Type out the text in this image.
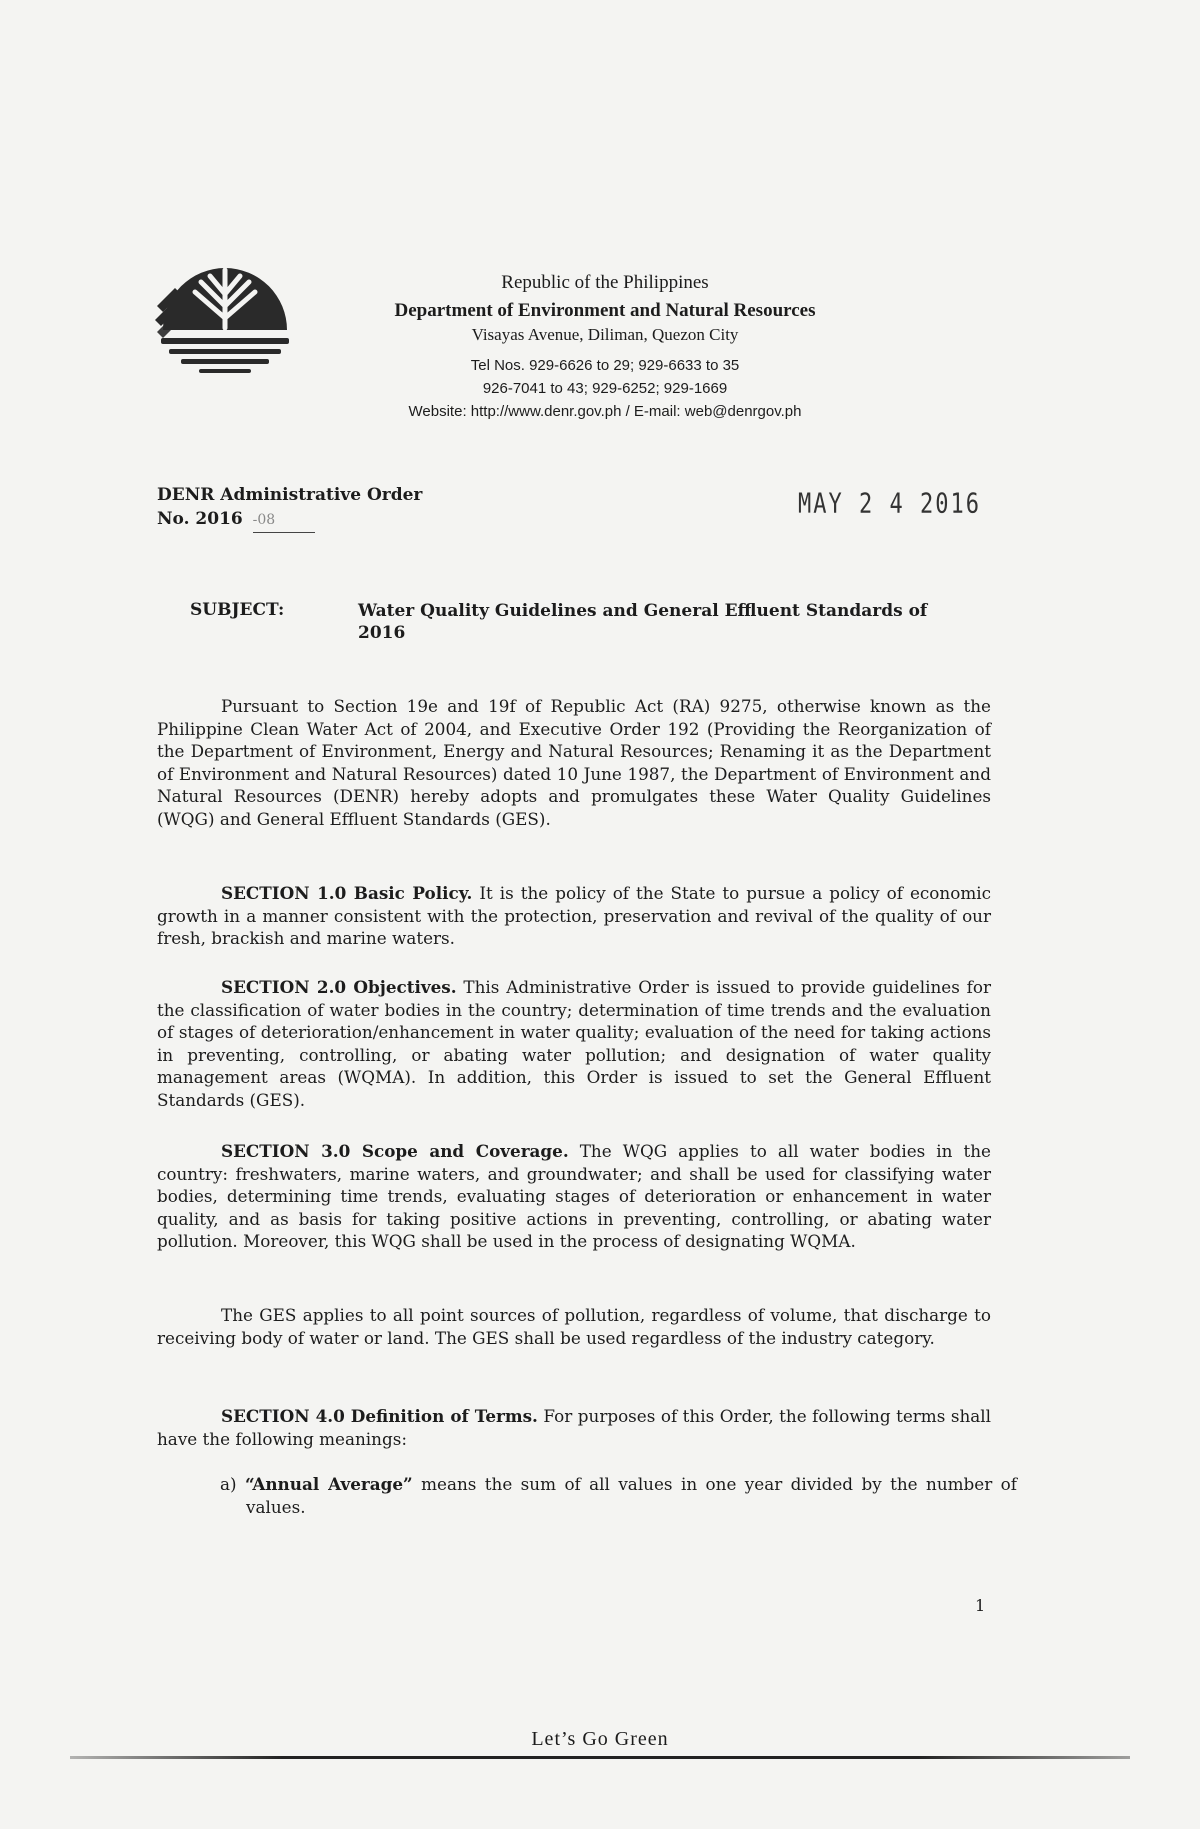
Republic of the Philippines
Department of Environment and Natural Resources
Visayas Avenue, Diliman, Quezon City
Tel Nos. 929-6626 to 29; 929-6633 to 35
926-7041 to 43; 929-6252; 929-1669
Website: http://www.denr.gov.ph / E-mail: web@denrgov.ph
DENR Administrative Order
No. 2016 -08	MAY 2 4 2016
SUBJECT:	Water Quality Guidelines and General Effluent Standards of 2016

Pursuant to Section 19e and 19f of Republic Act (RA) 9275, otherwise known as the Philippine Clean Water Act of 2004, and Executive Order 192 (Providing the Reorganization of the Department of Environment, Energy and Natural Resources; Renaming it as the Department of Environment and Natural Resources) dated 10 June 1987, the Department of Environment and Natural Resources (DENR) hereby adopts and promulgates these Water Quality Guidelines (WQG) and General Effluent Standards (GES).

SECTION 1.0 Basic Policy. It is the policy of the State to pursue a policy of economic growth in a manner consistent with the protection, preservation and revival of the quality of our fresh, brackish and marine waters.

SECTION 2.0 Objectives. This Administrative Order is issued to provide guidelines for the classification of water bodies in the country; determination of time trends and the evaluation of stages of deterioration/enhancement in water quality; evaluation of the need for taking actions in preventing, controlling, or abating water pollution; and designation of water quality management areas (WQMA). In addition, this Order is issued to set the General Effluent Standards (GES).

SECTION 3.0 Scope and Coverage. The WQG applies to all water bodies in the country: freshwaters, marine waters, and groundwater; and shall be used for classifying water bodies, determining time trends, evaluating stages of deterioration or enhancement in water quality, and as basis for taking positive actions in preventing, controlling, or abating water pollution. Moreover, this WQG shall be used in the process of designating WQMA.

The GES applies to all point sources of pollution, regardless of volume, that discharge to receiving body of water or land. The GES shall be used regardless of the industry category.

SECTION 4.0 Definition of Terms. For purposes of this Order, the following terms shall have the following meanings:

a) “Annual Average” means the sum of all values in one year divided by the number of values.
1
Let’s Go Green
